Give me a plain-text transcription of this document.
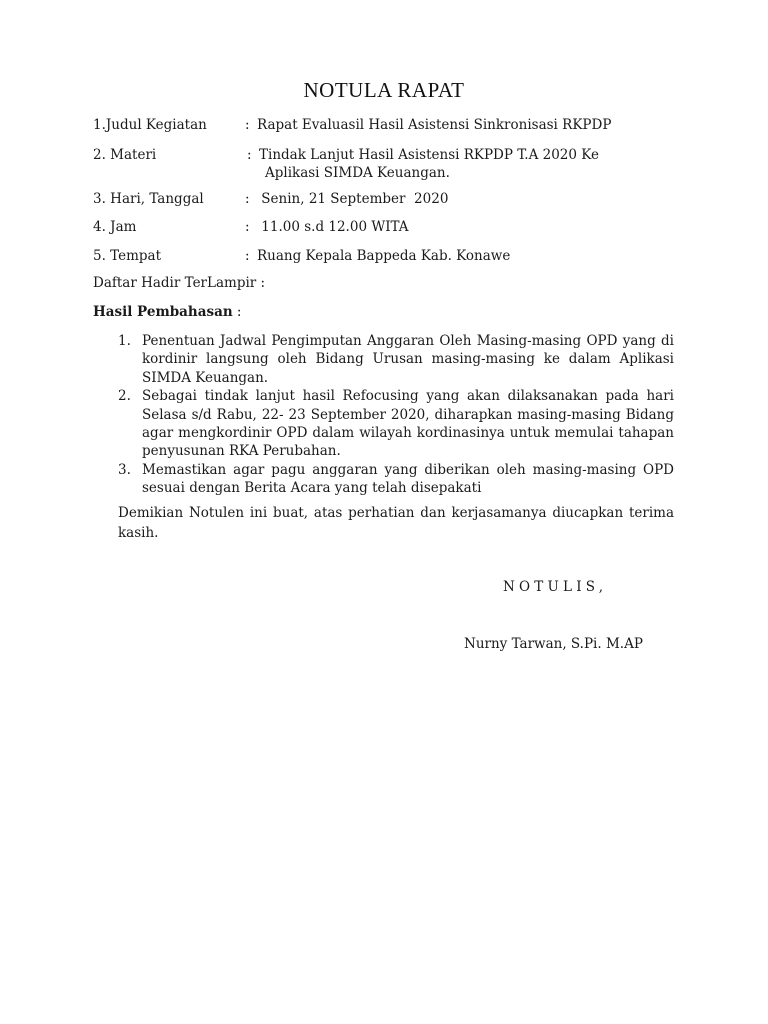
NOTULA RAPAT
1.Judul Kegiatan	: Rapat Evaluasil Hasil Asistensi Sinkronisasi RKPDP
2. Materi	: Tindak Lanjut Hasil Asistensi RKPDP T.A 2020 Ke
Aplikasi SIMDA Keuangan.
3. Hari, Tanggal	: Senin, 21 September  2020
4. Jam	: 11.00 s.d 12.00 WITA
5. Tempat	: Ruang Kepala Bappeda Kab. Konawe
Daftar Hadir TerLampir :
Hasil Pembahasan :
1. Penentuan Jadwal Pengimputan Anggaran Oleh Masing-masing OPD yang di kordinir langsung oleh Bidang Urusan masing-masing ke dalam Aplikasi SIMDA Keuangan.
2. Sebagai tindak lanjut hasil Refocusing yang akan dilaksanakan pada hari Selasa s/d Rabu, 22- 23 September 2020, diharapkan masing-masing Bidang agar mengkordinir OPD dalam wilayah kordinasinya untuk memulai tahapan penyusunan RKA Perubahan.
3. Memastikan agar pagu anggaran yang diberikan oleh masing-masing OPD sesuai dengan Berita Acara yang telah disepakati
Demikian Notulen ini buat, atas perhatian dan kerjasamanya diucapkan terima kasih.
NOTULIS,
Nurny Tarwan, S.Pi. M.AP
